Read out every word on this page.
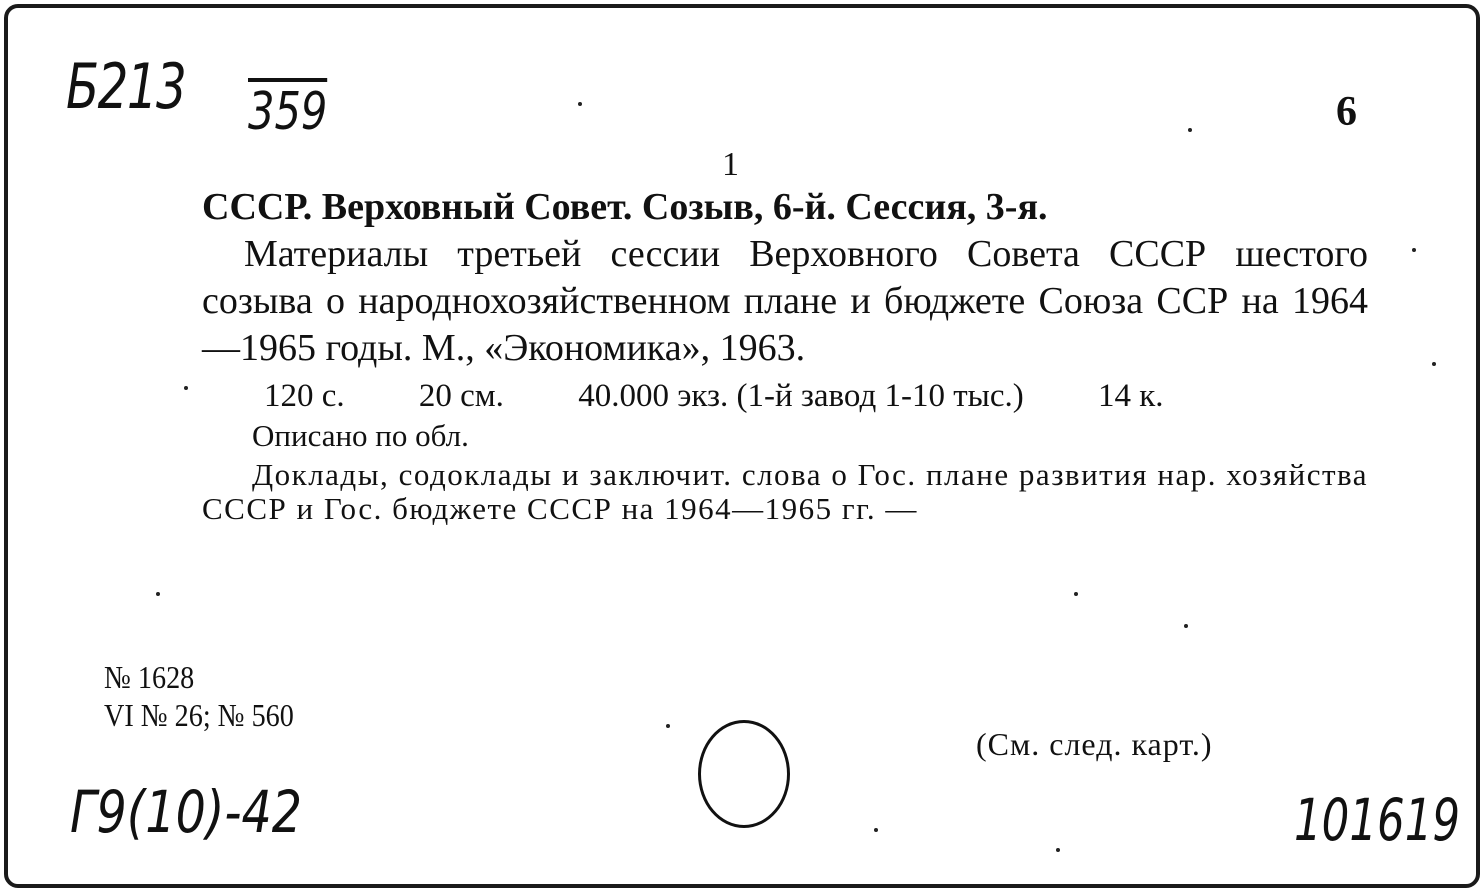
Б213 359	6
1
СССР. Верховный Совет. Созыв, 6-й. Сессия, 3-я.
Материалы третьей сессии Верховного Совета СССР шестого созыва о народнохозяйственном плане и бюджете Союза ССР на 1964—1965 годы. М., «Экономика», 1963.
120 с. 20 см. 40.000 экз. (1-й завод 1-10 тыс.) 14 к.
Описано по обл.
Доклады, содоклады и заключит. слова о Гос. плане развития нар. хозяйства СССР и Гос. бюджете СССР на 1964—1965 гг. —
№ 1628
VI № 26; № 560
(См. след. карт.)
Г9(10)-42	101619
